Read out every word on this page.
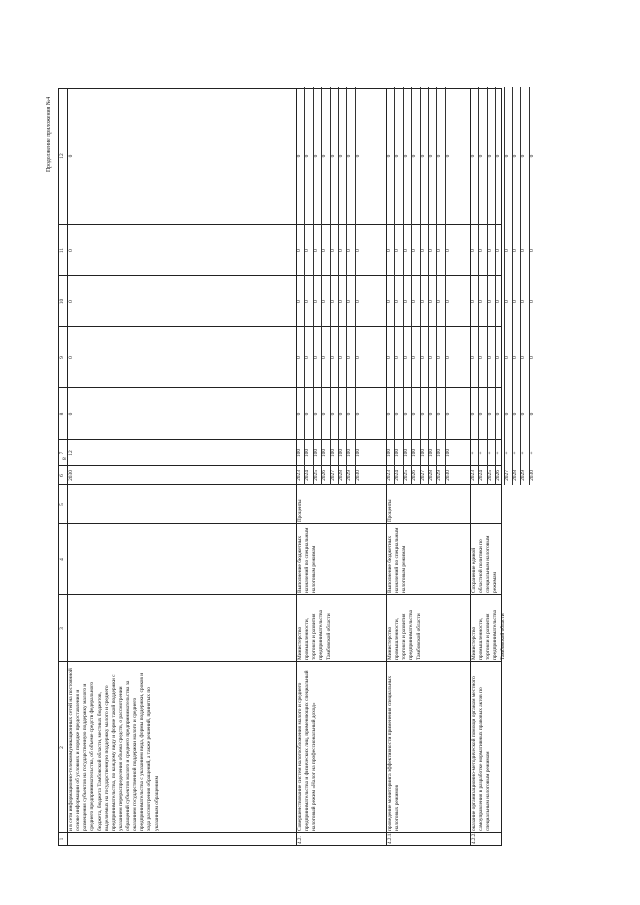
8
Продолжение приложения №4
1
2
3
4
5
6
7
8
9
10
11
12
и в сети информационно-телекоммуникационных сетей на постоянной основе информации об условиях и порядке предоставления и размещения субъектов на государственную поддержку малого и среднего предпринимательства, об объеме средств федерального бюджета, бюджета Тамбовской области, местных бюджетов, выделяемых на государственную поддержку малого и среднего предпринимательства, по каждому виду и форме такой поддержки с указанием перераспределения объема средств, о рассмотрении обращений субъектов малого и среднего предпринимательства за оказанием государственной поддержки малого и среднего предпринимательства с указанием вида, формы поддержки, сроков и хода рассмотрения обращений, а также решений, принятых по указанным обращениям
2030
12
0
0
0
0
0
4.2.
Совершенствование систем налогообложения малого и среднего предпринимательства и физических лиц, применяющих специальный налоговый режим «Налог на профессиональный доход»
Министерство промышленности, торговли и развития предпринимательства Тамбовской области
Выполнение бюджетных назначений по специальным налоговым режимам
Проценты
2023
100
0
0
0
0
0
2024
100
0
0
0
0
0
2025
100
0
0
0
0
0
2026
100
0
0
0
0
0
2027
100
0
0
0
0
0
2028
100
0
0
0
0
0
2029
100
0
0
0
0
0
2030
100
0
0
0
0
0
4.2.1.
проведение мониторинга эффективности применения специальных налоговых режимов
Министерство промышленности, торговли и развития предпринимательства Тамбовской области
Выполнение бюджетных назначений по специальным налоговым режимам
Проценты
2023
100
0
0
0
0
0
2024
100
0
0
0
0
0
2025
100
0
0
0
0
0
2026
100
0
0
0
0
0
2027
100
0
0
0
0
0
2028
100
0
0
0
0
0
2029
100
0
0
0
0
0
2030
100
0
0
0
0
0
4.2.2.
оказание организационно-методической помощи органам местного самоуправления в разработке нормативных правовых актов по специальным налоговым режимам
Министерство промышленности, торговли и развития предпринимательства Тамбовской области
Сохранение единой областной политики по специальным налоговым режимам
2023
+
0
0
0
0
0
2024
+
0
0
0
0
0
2025
+
0
0
0
0
0
2026
+
0
0
0
0
0
2027
+
0
0
0
0
0
2028
+
0
0
0
0
0
2029
+
0
0
0
0
0
2030
+
0
0
0
0
0
